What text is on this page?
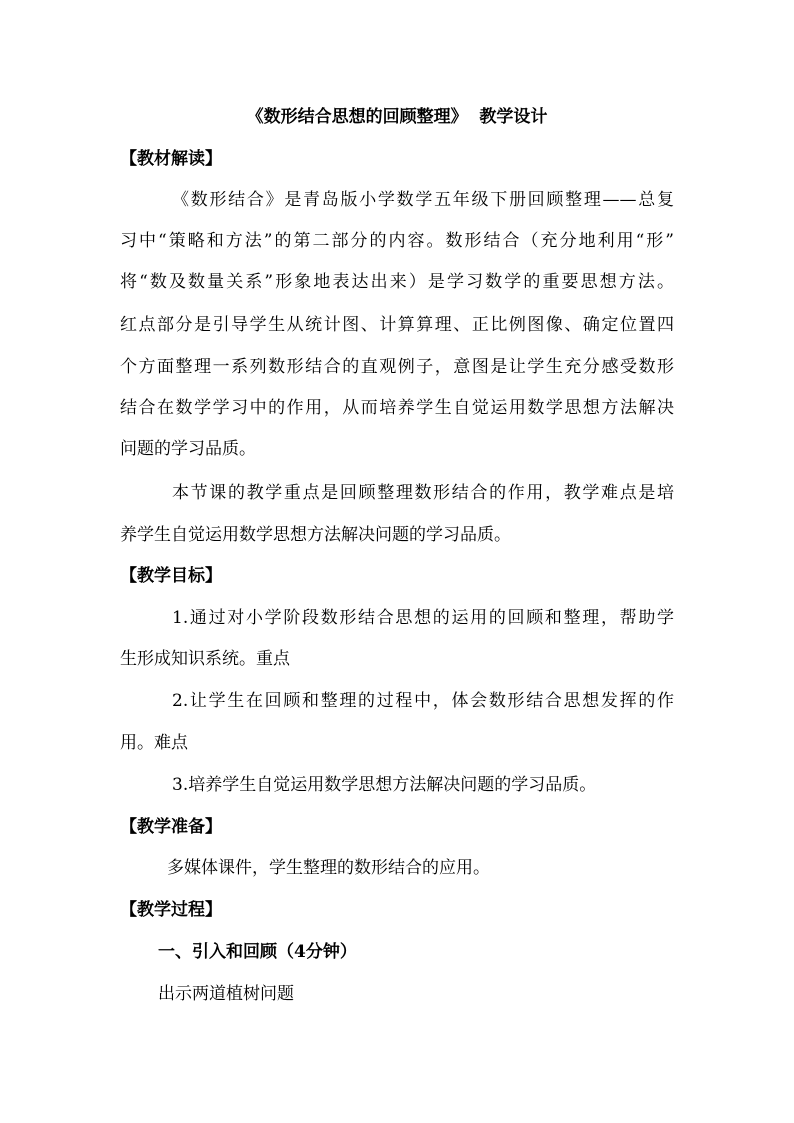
《数形结合思想的回顾整理》  教学设计
【教材解读】
《数形结合》是青岛版小学数学五年级下册回顾整理——总复
习中“策略和方法”的第二部分的内容。数形结合（充分地利用“形”
将“数及数量关系”形象地表达出来）是学习数学的重要思想方法。
红点部分是引导学生从统计图、计算算理、正比例图像、确定位置四
个方面整理一系列数形结合的直观例子，意图是让学生充分感受数形
结合在数学学习中的作用，从而培养学生自觉运用数学思想方法解决
问题的学习品质。
本节课的教学重点是回顾整理数形结合的作用，教学难点是培
养学生自觉运用数学思想方法解决问题的学习品质。
【教学目标】
1.通过对小学阶段数形结合思想的运用的回顾和整理，帮助学
生形成知识系统。重点
2.让学生在回顾和整理的过程中，体会数形结合思想发挥的作
用。难点
3.培养学生自觉运用数学思想方法解决问题的学习品质。
【教学准备】
多媒体课件，学生整理的数形结合的应用。
【教学过程】
一、引入和回顾（4分钟）
出示两道植树问题
